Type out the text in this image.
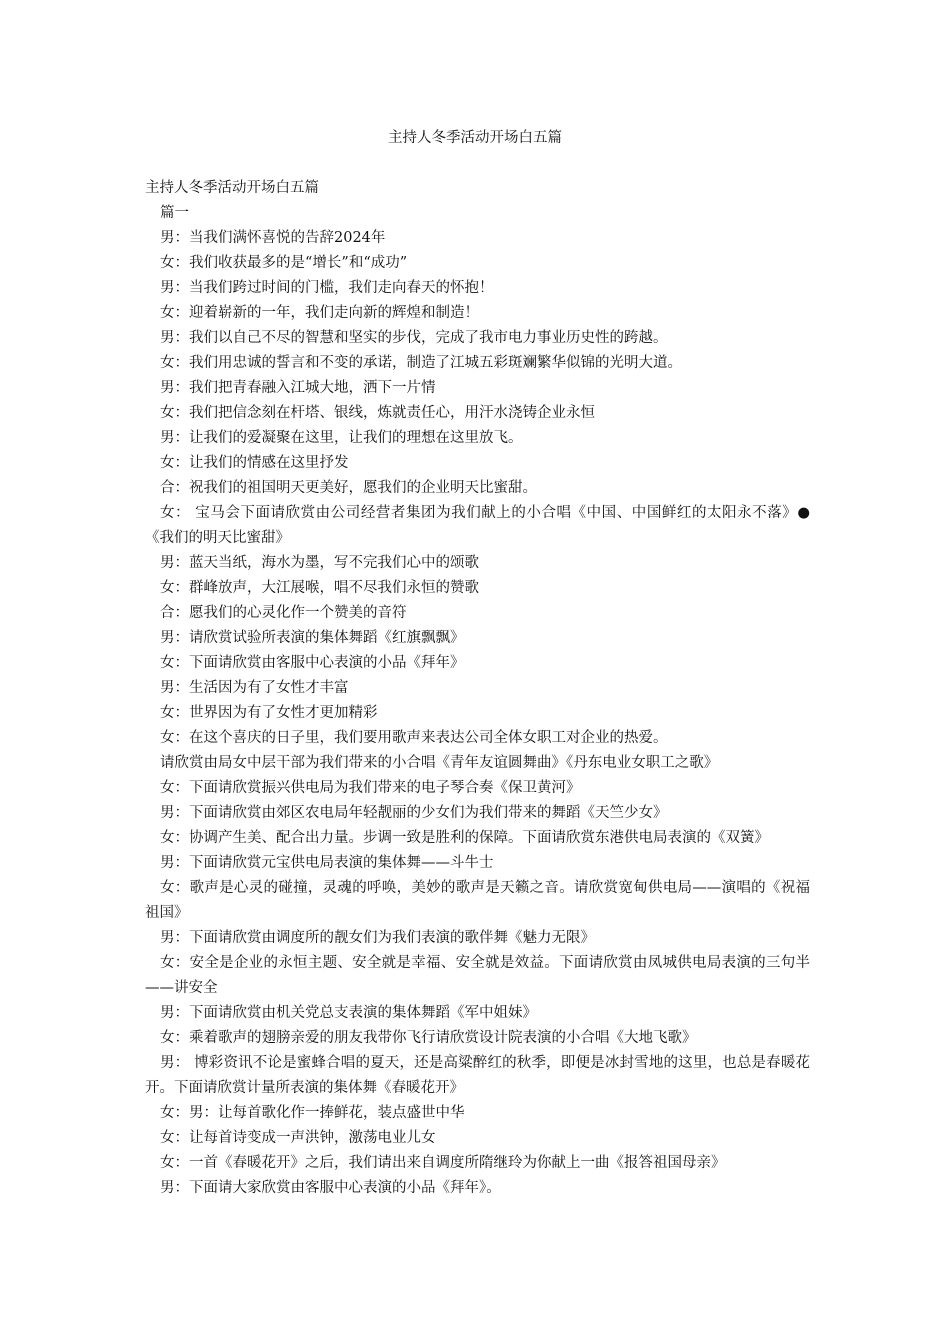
主持人冬季活动开场白五篇

主持人冬季活动开场白五篇

篇一

男：当我们满怀喜悦的告辞2024年

女：我们收获最多的是“增长”和“成功”

男：当我们跨过时间的门槛，我们走向春天的怀抱！

女：迎着崭新的一年，我们走向新的辉煌和制造！

男：我们以自己不尽的智慧和坚实的步伐，完成了我市电力事业历史性的跨越。

女：我们用忠诚的誓言和不变的承诺，制造了江城五彩斑斓繁华似锦的光明大道。

男：我们把青春融入江城大地，洒下一片情

女：我们把信念刻在杆塔、银线，炼就责任心，用汗水浇铸企业永恒

男：让我们的爱凝聚在这里，让我们的理想在这里放飞。

女：让我们的情感在这里抒发

合：祝我们的祖国明天更美好，愿我们的企业明天比蜜甜。

女： 宝马会下面请欣赏由公司经营者集团为我们献上的小合唱《中国、中国鲜红的太阳永不落》●《我们的明天比蜜甜》

男：蓝天当纸，海水为墨，写不完我们心中的颂歌

女：群峰放声，大江展喉，唱不尽我们永恒的赞歌

合：愿我们的心灵化作一个赞美的音符

男：请欣赏试验所表演的集体舞蹈《红旗飘飘》

女：下面请欣赏由客服中心表演的小品《拜年》

男：生活因为有了女性才丰富

女：世界因为有了女性才更加精彩

女：在这个喜庆的日子里，我们要用歌声来表达公司全体女职工对企业的热爱。

请欣赏由局女中层干部为我们带来的小合唱《青年友谊圆舞曲》《丹东电业女职工之歌》

女：下面请欣赏振兴供电局为我们带来的电子琴合奏《保卫黄河》

男：下面请欣赏由郊区农电局年轻靓丽的少女们为我们带来的舞蹈《天竺少女》

女：协调产生美、配合出力量。步调一致是胜利的保障。下面请欣赏东港供电局表演的《双簧》

男：下面请欣赏元宝供电局表演的集体舞——斗牛士

女：歌声是心灵的碰撞，灵魂的呼唤，美妙的歌声是天籁之音。请欣赏宽甸供电局——演唱的《祝福祖国》

男：下面请欣赏由调度所的靓女们为我们表演的歌伴舞《魅力无限》

女：安全是企业的永恒主题、安全就是幸福、安全就是效益。下面请欣赏由凤城供电局表演的三句半——讲安全

男：下面请欣赏由机关党总支表演的集体舞蹈《军中姐妹》

女：乘着歌声的翅膀亲爱的朋友我带你飞行请欣赏设计院表演的小合唱《大地飞歌》

男： 博彩资讯不论是蜜蜂合唱的夏天，还是高粱醉红的秋季，即便是冰封雪地的这里，也总是春暖花开。下面请欣赏计量所表演的集体舞《春暖花开》

女：男：让每首歌化作一捧鲜花，装点盛世中华

女：让每首诗变成一声洪钟，激荡电业儿女

女：一首《春暖花开》之后，我们请出来自调度所隋继玲为你献上一曲《报答祖国母亲》

男：下面请大家欣赏由客服中心表演的小品《拜年》。
